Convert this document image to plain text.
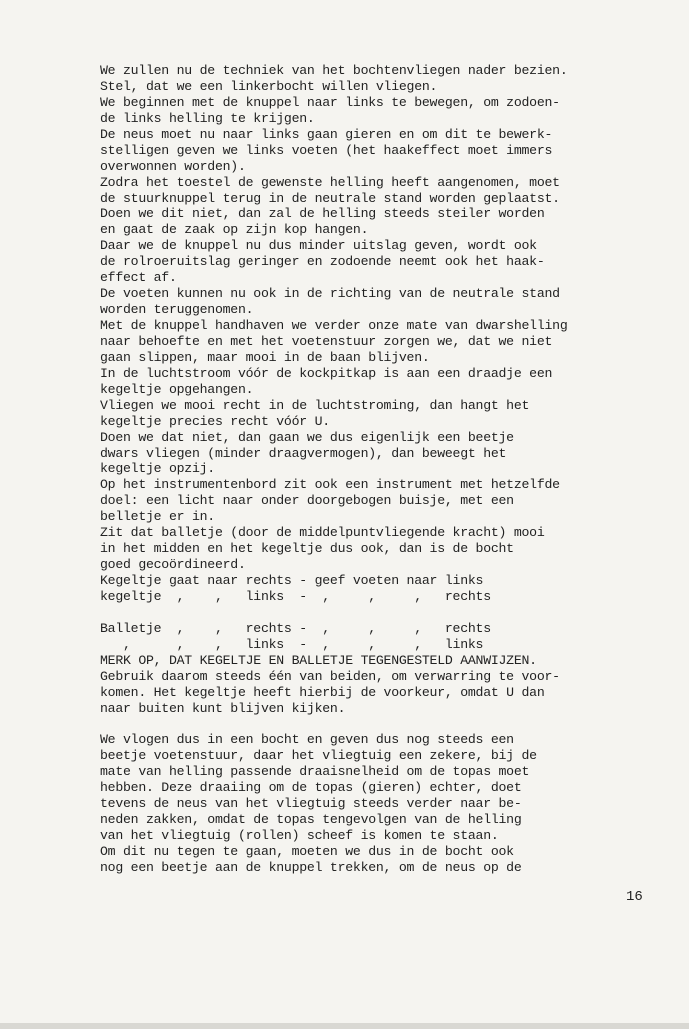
We zullen nu de techniek van het bochtenvliegen nader bezien.
Stel, dat we een linkerbocht willen vliegen.
We beginnen met de knuppel naar links te bewegen, om zodoen-
de links helling te krijgen.
De neus moet nu naar links gaan gieren en om dit te bewerk-
stelligen geven we links voeten (het haakeffect moet immers
overwonnen worden).
Zodra het toestel de gewenste helling heeft aangenomen, moet
de stuurknuppel terug in de neutrale stand worden geplaatst.
Doen we dit niet, dan zal de helling steeds steiler worden
en gaat de zaak op zijn kop hangen.
Daar we de knuppel nu dus minder uitslag geven, wordt ook
de rolroeruitslag geringer en zodoende neemt ook het haak-
effect af.
De voeten kunnen nu ook in de richting van de neutrale stand
worden teruggenomen.
Met de knuppel handhaven we verder onze mate van dwarshelling
naar behoefte en met het voetenstuur zorgen we, dat we niet
gaan slippen, maar mooi in de baan blijven.
In de luchtstroom vóór de kockpitkap is aan een draadje een
kegeltje opgehangen.
Vliegen we mooi recht in de luchtstroming, dan hangt het
kegeltje precies recht vóór U.
Doen we dat niet, dan gaan we dus eigenlijk een beetje
dwars vliegen (minder draagvermogen), dan beweegt het
kegeltje opzij.
Op het instrumentenbord zit ook een instrument met hetzelfde
doel: een licht naar onder doorgebogen buisje, met een
belletje er in.
Zit dat balletje (door de middelpuntvliegende kracht) mooi
in het midden en het kegeltje dus ook, dan is de bocht
goed gecoördineerd.
Kegeltje gaat naar rechts - geef voeten naar links
kegeltje  ,    ,   links  -  ,     ,     ,   rechts
Balletje  ,    ,   rechts -  ,     ,     ,   rechts
,      ,    ,   links  -  ,     ,     ,   links
MERK OP, DAT KEGELTJE EN BALLETJE TEGENGESTELD AANWIJZEN.
Gebruik daarom steeds één van beiden, om verwarring te voor-
komen. Het kegeltje heeft hierbij de voorkeur, omdat U dan
naar buiten kunt blijven kijken.
We vlogen dus in een bocht en geven dus nog steeds een
beetje voetenstuur, daar het vliegtuig een zekere, bij de
mate van helling passende draaisnelheid om de topas moet
hebben. Deze draaiing om de topas (gieren) echter, doet
tevens de neus van het vliegtuig steeds verder naar be-
neden zakken, omdat de topas tengevolgen van de helling
van het vliegtuig (rollen) scheef is komen te staan.
Om dit nu tegen te gaan, moeten we dus in de bocht ook
nog een beetje aan de knuppel trekken, om de neus op de
16
